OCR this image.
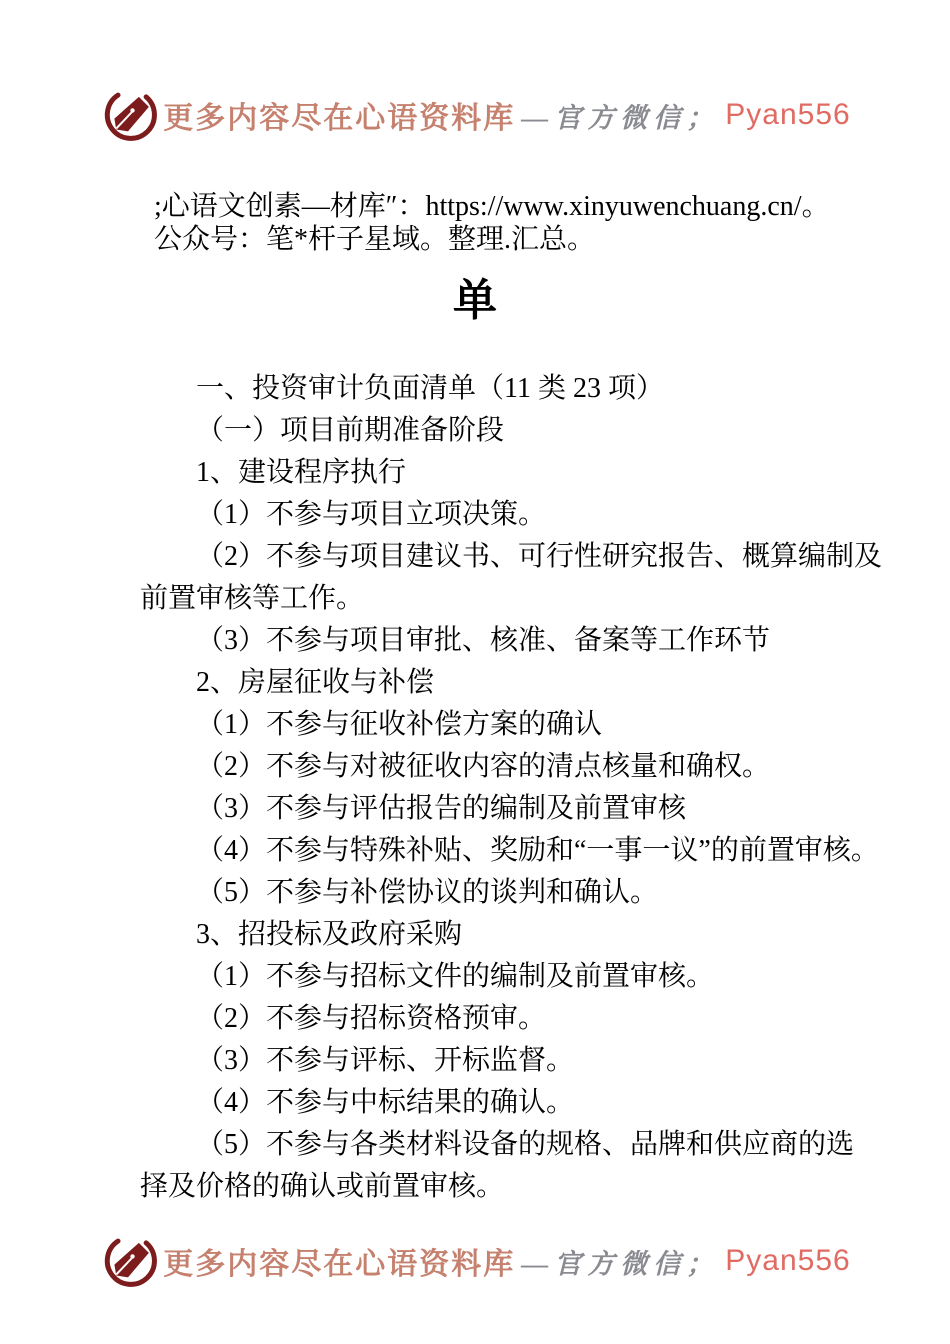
更多内容尽在心语资料库 —官方微信； Pyan556
;心语文创素—材库″：https://www.xinyuwenchuang.cn/。
公众号：笔*杆子星域。整理.汇总。
单
一、投资审计负面清单（11 类 23 项）
（一）项目前期准备阶段
1、建设程序执行
（1）不参与项目立项决策。
（2）不参与项目建议书、可行性研究报告、概算编制及
前置审核等工作。
（3）不参与项目审批、核准、备案等工作环节
2、房屋征收与补偿
（1）不参与征收补偿方案的确认
（2）不参与对被征收内容的清点核量和确权。
（3）不参与评估报告的编制及前置审核
（4）不参与特殊补贴、奖励和“一事一议”的前置审核。
（5）不参与补偿协议的谈判和确认。
3、招投标及政府采购
（1）不参与招标文件的编制及前置审核。
（2）不参与招标资格预审。
（3）不参与评标、开标监督。
（4）不参与中标结果的确认。
（5）不参与各类材料设备的规格、品牌和供应商的选
择及价格的确认或前置审核。
更多内容尽在心语资料库 —官方微信； Pyan556
